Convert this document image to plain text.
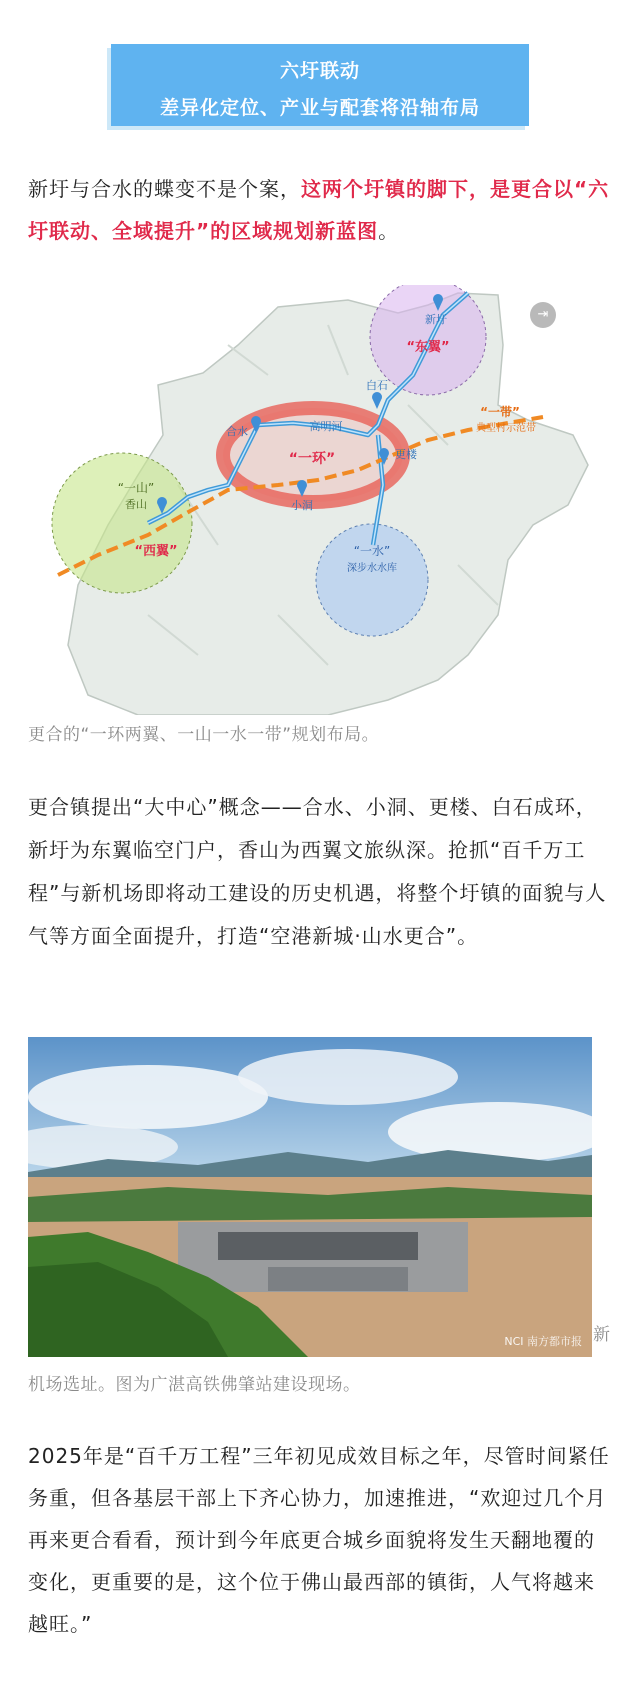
六圩联动
差异化定位、产业与配套将沿轴布局
新圩与合水的蝶变不是个案，这两个圩镇的脚下，是更合以“六圩联动、全域提升”的区域规划新蓝图。
新圩
“东翼”
白石
高明河
合水
“一环”	更楼
小洞
“一山”
香山
“西翼”
“一带”
典型村示范带
“一水”
深步水水库
⇥
更合的“一环两翼、一山一水一带”规划布局。
更合镇提出“大中心”概念——合水、小洞、更楼、白石成环，新圩为东翼临空门户，香山为西翼文旅纵深。抢抓“百千万工程”与新机场即将动工建设的历史机遇，将整个圩镇的面貌与人气等方面全面提升，打造“空港新城·山水更合”。
NCI 南方都市报 新
机场选址。图为广湛高铁佛肇站建设现场。
2025年是“百千万工程”三年初见成效目标之年，尽管时间紧任务重，但各基层干部上下齐心协力，加速推进，“欢迎过几个月再来更合看看，预计到今年底更合城乡面貌将发生天翻地覆的变化，更重要的是，这个位于佛山最西部的镇街，人气将越来越旺。”
